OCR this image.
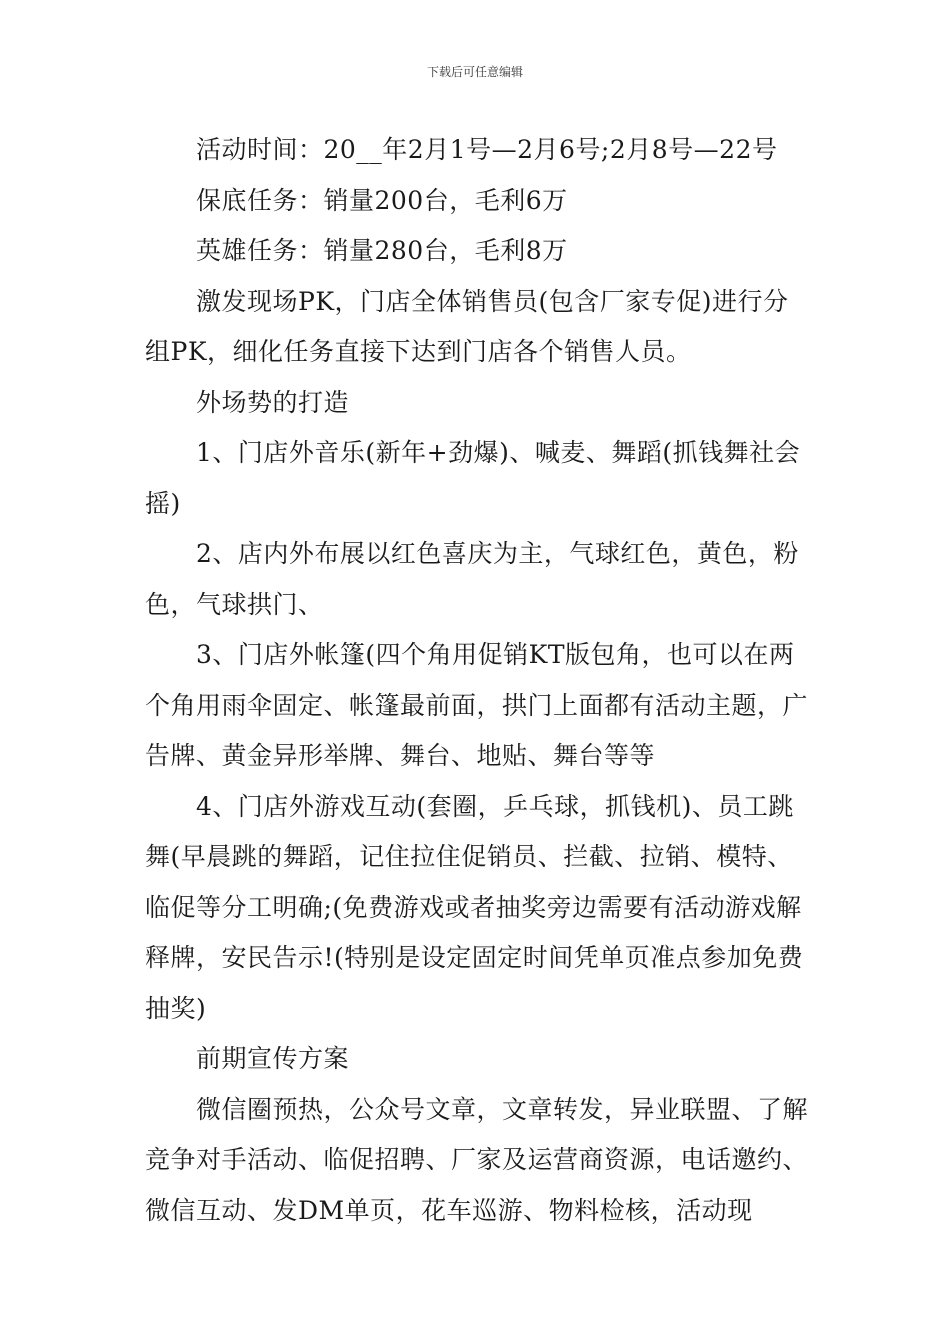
下载后可任意编辑

活动时间：20__年2月1号—2月6号;2月8号—22号

保底任务：销量200台，毛利6万

英雄任务：销量280台，毛利8万

激发现场PK，门店全体销售员(包含厂家专促)进行分组PK，细化任务直接下达到门店各个销售人员。

外场势的打造

1、门店外音乐(新年+劲爆)、喊麦、舞蹈(抓钱舞社会摇)

2、店内外布展以红色喜庆为主，气球红色，黄色，粉色，气球拱门、

3、门店外帐篷(四个角用促销KT版包角，也可以在两个角用雨伞固定、帐篷最前面，拱门上面都有活动主题，广告牌、黄金异形举牌、舞台、地贴、舞台等等

4、门店外游戏互动(套圈，乒乓球，抓钱机)、员工跳舞(早晨跳的舞蹈，记住拉住促销员、拦截、拉销、模特、临促等分工明确;(免费游戏或者抽奖旁边需要有活动游戏解释牌，安民告示!(特别是设定固定时间凭单页准点参加免费抽奖)

前期宣传方案

微信圈预热，公众号文章，文章转发，异业联盟、了解竞争对手活动、临促招聘、厂家及运营商资源，电话邀约、微信互动、发DM单页，花车巡游、物料检核，活动现
